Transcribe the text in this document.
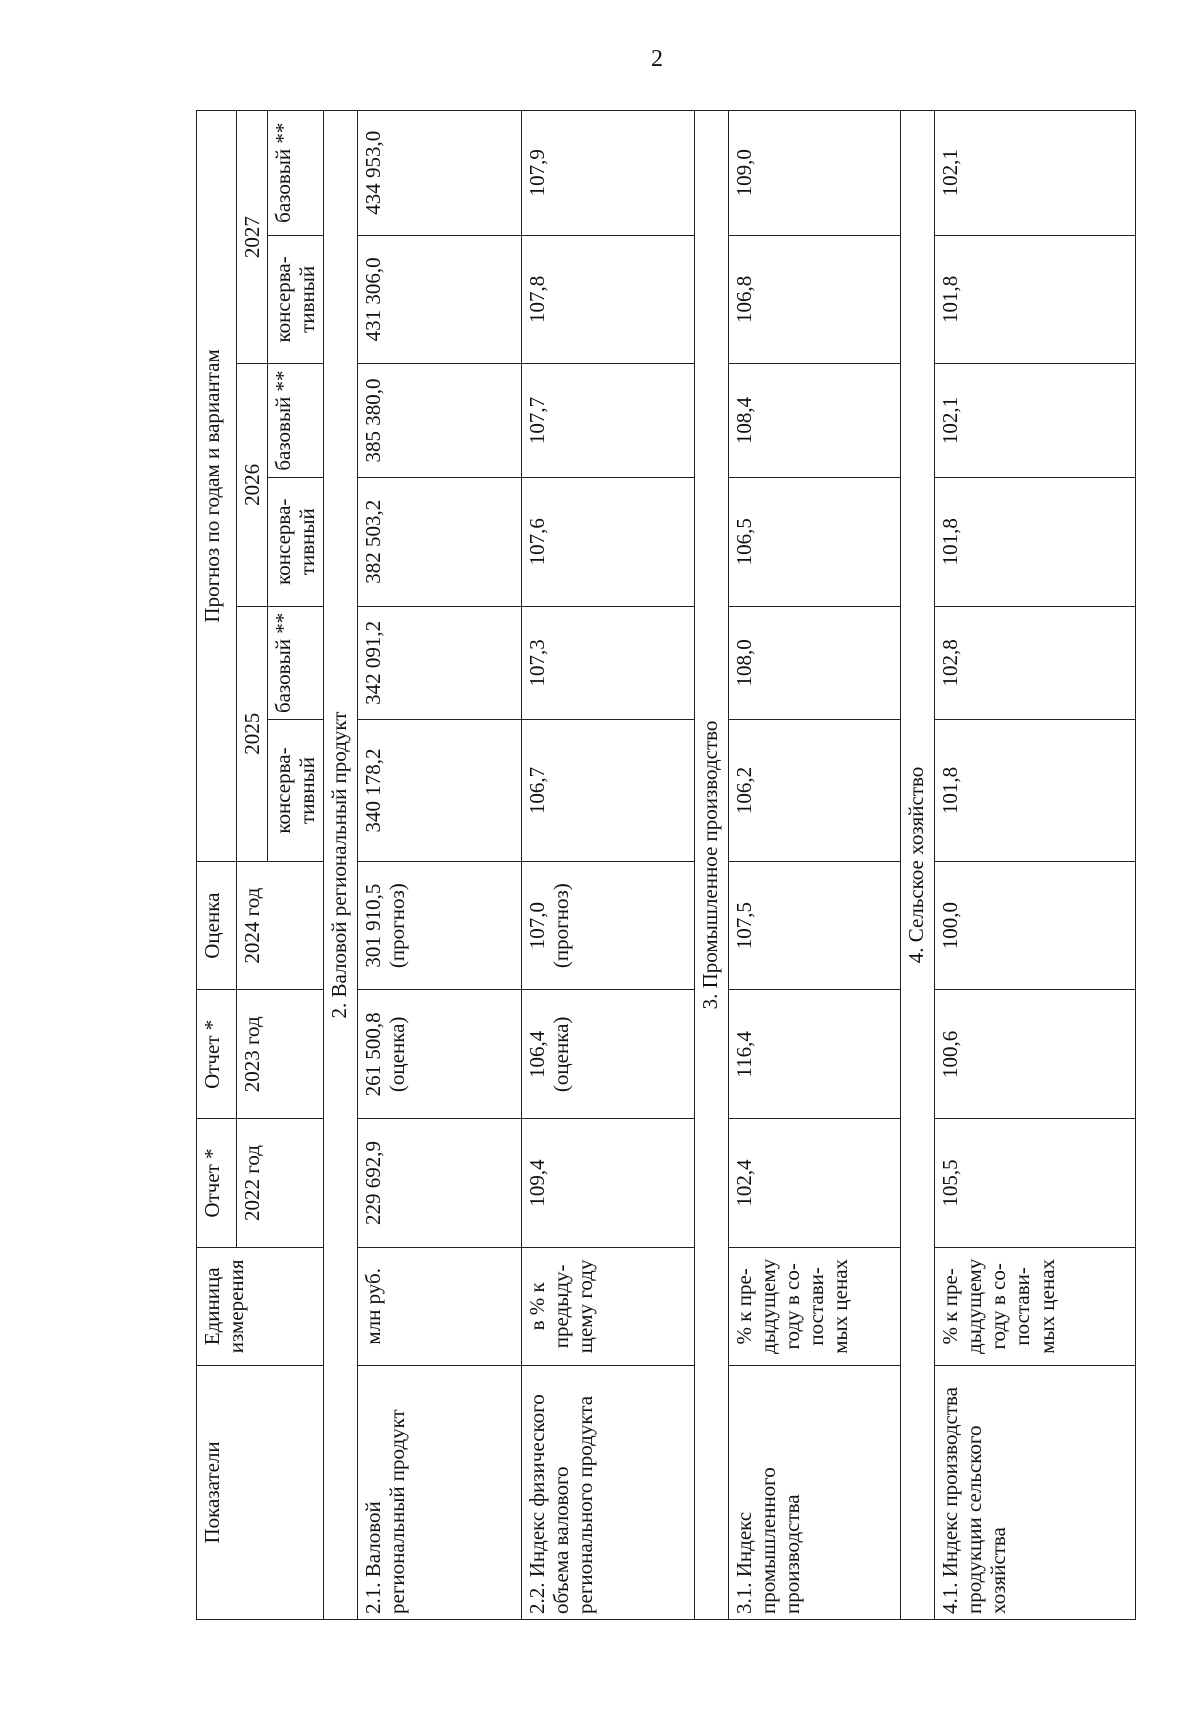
2
Показатели	Единица измерения	Отчет *	Отчет *	Оценка	Прогноз по годам и вариантам					
		2022 год	2023 год	2024 год	2025		2026		2027	
					консерва-тивный	базовый **	консерва-тивный	базовый **	консерва-тивный	базовый **
2. Валовой региональный продукт										
2.1. Валовой региональный продукт	млн руб.	229 692,9	261 500,8 (оценка)	301 910,5 (прогноз)	340 178,2	342 091,2	382 503,2	385 380,0	431 306,0	434 953,0
2.2. Индекс физического объема валового регионального продукта	в % к предыду-щему году	109,4	106,4 (оценка)	107,0 (прогноз)	106,7	107,3	107,6	107,7	107,8	107,9
3. Промышленное производство										
3.1. Индекс промышленного производства	% к пре-дыдущему году в со-постави-мых ценах	102,4	116,4	107,5	106,2	108,0	106,5	108,4	106,8	109,0
4. Сельское хозяйство										
4.1. Индекс производства продукции сельского хозяйства	% к пре-дыдущему году в со-постави-мых ценах	105,5	100,6	100,0	101,8	102,8	101,8	102,1	101,8	102,1
